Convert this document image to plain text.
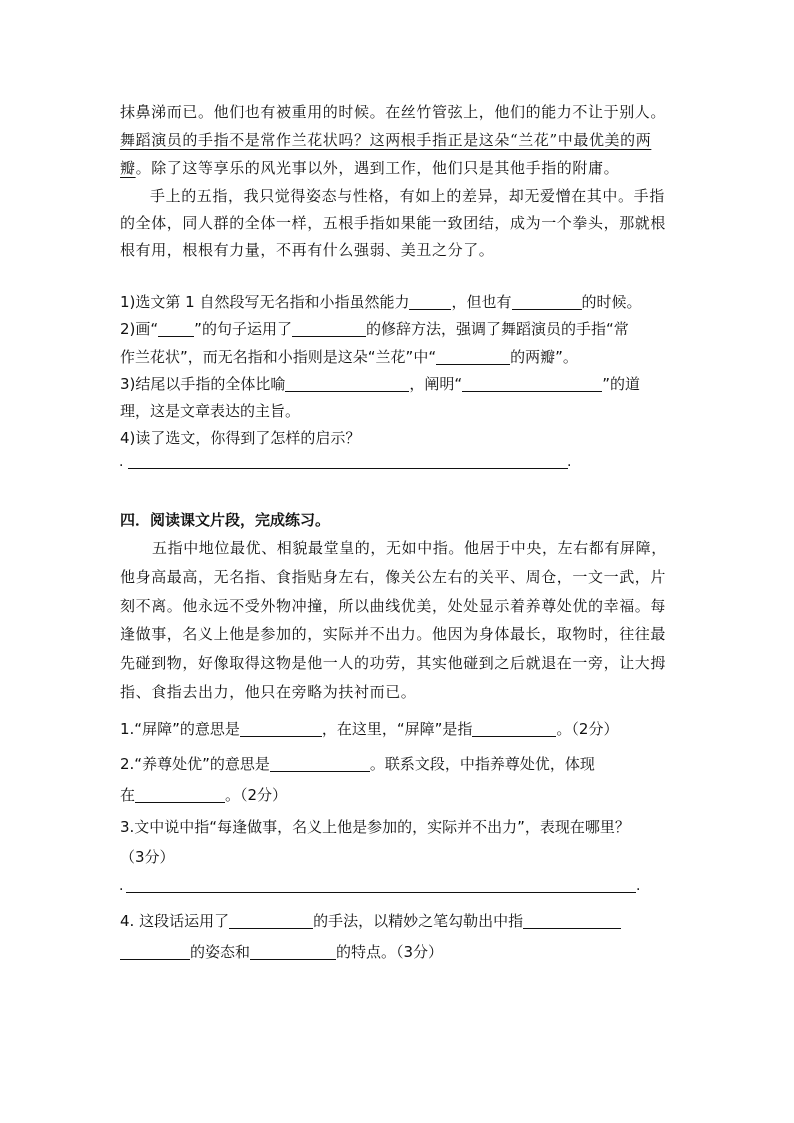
抹鼻涕而已。他们也有被重用的时候。在丝竹管弦上，他们的能力不让于别人。
舞蹈演员的手指不是常作兰花状吗？这两根手指正是这朵“兰花”中最优美的两
瓣。除了这等享乐的风光事以外，遇到工作，他们只是其他手指的附庸。
手上的五指，我只觉得姿态与性格，有如上的差异，却无爱憎在其中。手指
的全体，同人群的全体一样，五根手指如果能一致团结，成为一个拳头，那就根
根有用，根根有力量，不再有什么强弱、美丑之分了。
1)选文第 1 自然段写无名指和小指虽然能力	，但也有	的时候。
2)画“ ”的句子运用了	的修辞方法，强调了舞蹈演员的手指“常
作兰花状”，而无名指和小指则是这朵“兰花”中“	的两瓣”。
3)结尾以手指的全体比喻	，阐明“	”的道
理，这是文章表达的主旨。
4)读了选文，你得到了怎样的启示？
.	.
四．阅读课文片段，完成练习。
五指中地位最优、相貌最堂皇的，无如中指。他居于中央，左右都有屏障，
他身高最高，无名指、食指贴身左右，像关公左右的关平、周仓，一文一武，片
刻不离。他永远不受外物冲撞，所以曲线优美，处处显示着养尊处优的幸福。每
逢做事，名义上他是参加的，实际并不出力。他因为身体最长，取物时，往往最
先碰到物，好像取得这物是他一人的功劳，其实他碰到之后就退在一旁，让大拇
指、食指去出力，他只在旁略为扶衬而已。
1.“屏障”的意思是	，在这里，“屏障”是指	。（2分）
2.“养尊处优”的意思是	。联系文段，中指养尊处优，体现
在	。（2分）
3.文中说中指“每逢做事，名义上他是参加的，实际并不出力”，表现在哪里？
（3分）
.	.
4. 这段话运用了	的手法，以精妙之笔勾勒出中指
的姿态和	的特点。（3分）
